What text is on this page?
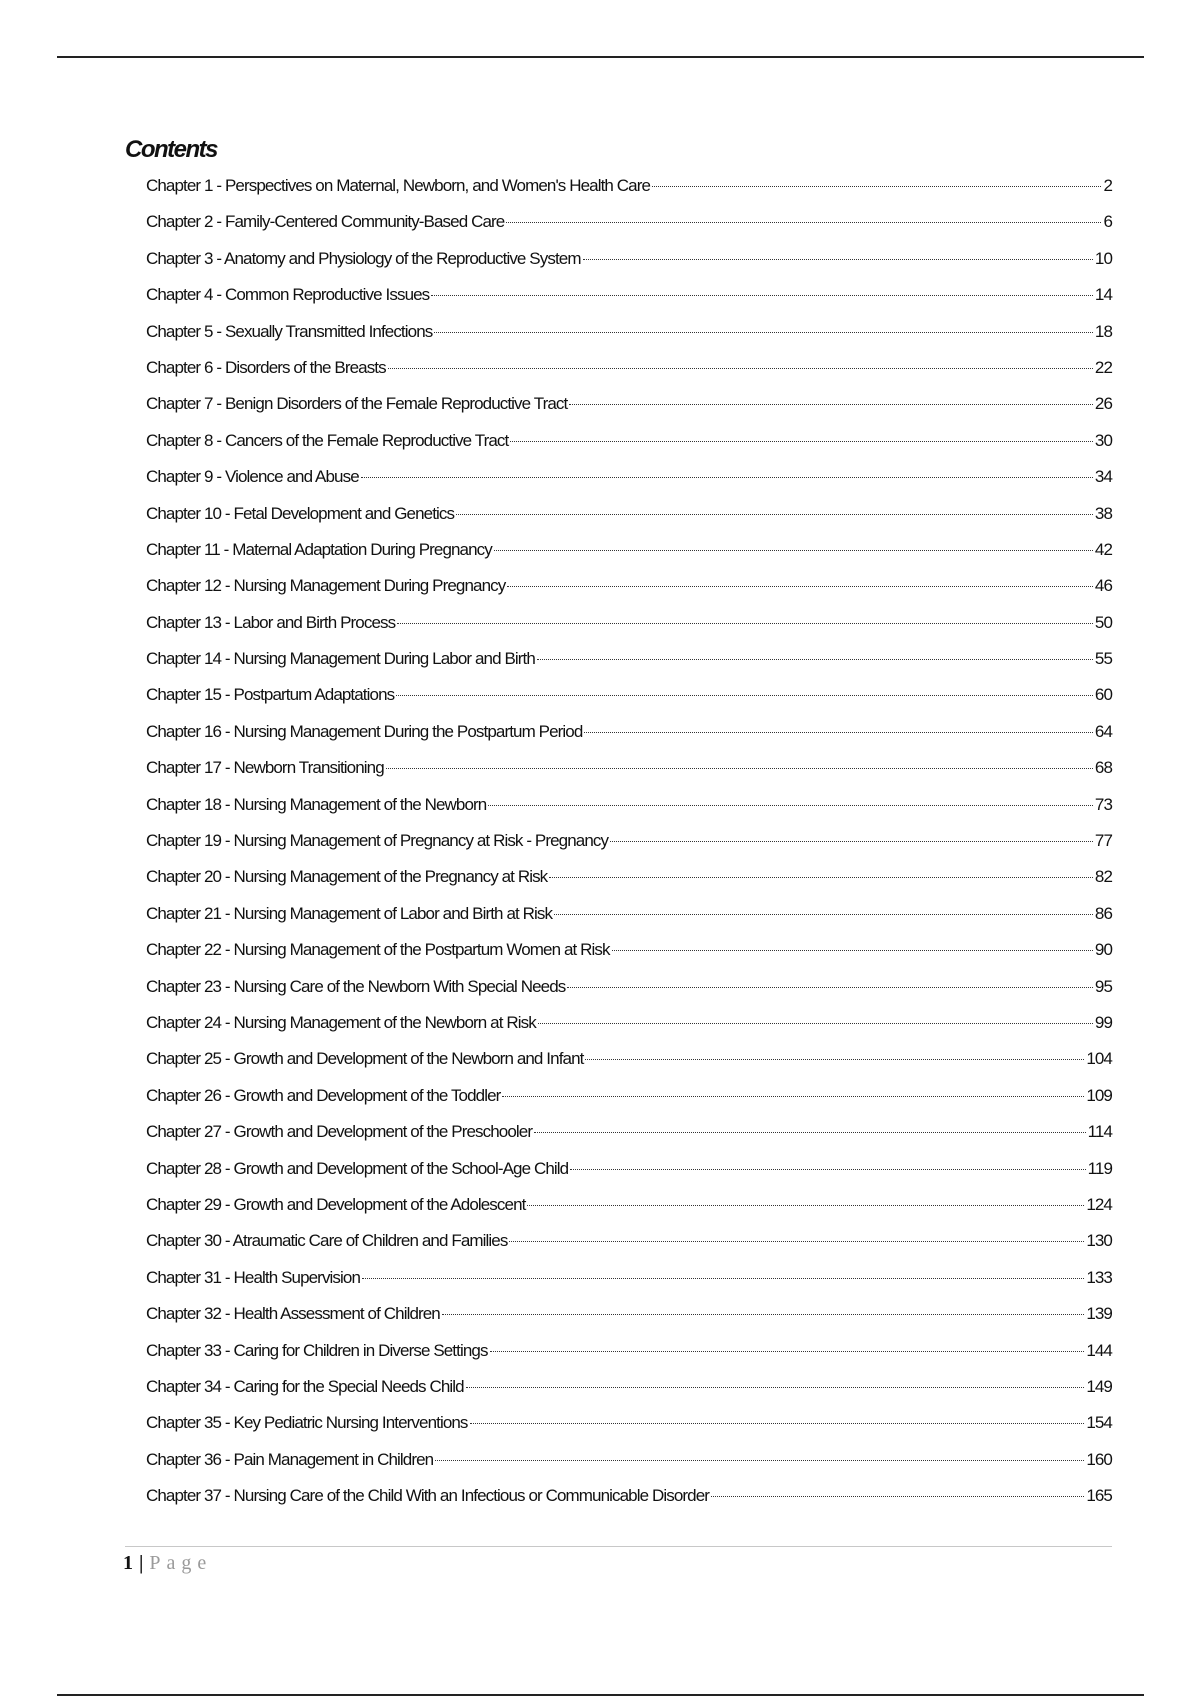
Contents
Chapter 1 - Perspectives on Maternal, Newborn, and Women's Health Care	2
Chapter 2 - Family-Centered Community-Based Care	6
Chapter 3 - Anatomy and Physiology of the Reproductive System	10
Chapter 4 - Common Reproductive Issues	14
Chapter 5 - Sexually Transmitted Infections	18
Chapter 6 - Disorders of the Breasts	22
Chapter 7 - Benign Disorders of the Female Reproductive Tract	26
Chapter 8 - Cancers of the Female Reproductive Tract	30
Chapter 9 - Violence and Abuse	34
Chapter 10 - Fetal Development and Genetics	38
Chapter 11 - Maternal Adaptation During Pregnancy	42
Chapter 12 - Nursing Management During Pregnancy	46
Chapter 13 - Labor and Birth Process	50
Chapter 14 - Nursing Management During Labor and Birth	55
Chapter 15 - Postpartum Adaptations	60
Chapter 16 - Nursing Management During the Postpartum Period	64
Chapter 17 - Newborn Transitioning	68
Chapter 18 - Nursing Management of the Newborn	73
Chapter 19 - Nursing Management of Pregnancy at Risk - Pregnancy	77
Chapter 20 - Nursing Management of the Pregnancy at Risk	82
Chapter 21 - Nursing Management of Labor and Birth at Risk	86
Chapter 22 - Nursing Management of the Postpartum Women at Risk	90
Chapter 23 - Nursing Care of the Newborn With Special Needs	95
Chapter 24 - Nursing Management of the Newborn at Risk	99
Chapter 25 - Growth and Development of the Newborn and Infant	104
Chapter 26 - Growth and Development of the Toddler	109
Chapter 27 - Growth and Development of the Preschooler	114
Chapter 28 - Growth and Development of the School-Age Child	119
Chapter 29 - Growth and Development of the Adolescent	124
Chapter 30 - Atraumatic Care of Children and Families	130
Chapter 31 - Health Supervision	133
Chapter 32 - Health Assessment of Children	139
Chapter 33 - Caring for Children in Diverse Settings	144
Chapter 34 - Caring for the Special Needs Child	149
Chapter 35 - Key Pediatric Nursing Interventions	154
Chapter 36 - Pain Management in Children	160
Chapter 37 - Nursing Care of the Child With an Infectious or Communicable Disorder	165
1 | Page
